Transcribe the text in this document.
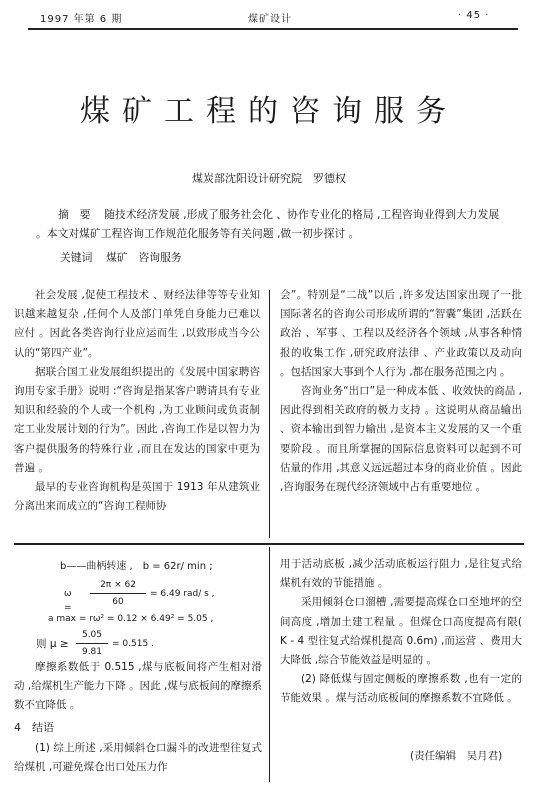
1997 年第 6 期	煤矿设计	· 45 ·
煤矿工程的咨询服务
煤炭部沈阳设计研究院　罗德权
摘　要 随技术经济发展 ,形成了服务社会化 、协作专业化的格局 ,工程咨询业得到大力发展 。本文对煤矿工程咨询工作规范化服务等有关问题 ,做一初步探讨 。
关键词 煤矿　咨询服务

社会发展 ,促使工程技术 、财经法律等等专业知识越来越复杂 ,任何个人及部门单凭自身能力已难以应付 。因此各类咨询行业应运而生 ,以致形成当今公认的“第四产业”。

据联合国工业发展组织提出的《发展中国家聘咨询用专家手册》说明 :“咨询是指某客户聘请具有专业知识和经验的个人或一个机构 ,为工业顾问或负责制定工业发展计划的行为”。因此 ,咨询工作是以智力为客户提供服务的特殊行业 ,而且在发达的国家中更为普遍 。

最早的专业咨询机构是英国于 1913 年从建筑业分离出来而成立的“咨询工程师协

会”。特别是“二战”以后 ,许多发达国家出现了一批国际著名的咨询公司形成所谓的“智囊”集团 ,活跃在政治 、军事 、工程以及经济各个领域 ,从事各种情报的收集工作 ,研究政府法律 、产业政策以及动向 。包括国家大事到个人行为 ,都在服务范围之内 。

咨询业务“出口”是一种成本低 、收效快的商品 ,因此得到相关政府的极力支持 。这说明从商品输出 、资本输出到智力输出 ,是资本主义发展的又一个重要阶段 。而且所掌握的国际信息资料可以起到不可估量的作用 ,其意义远远超过本身的商业价值 。因此 ,咨询服务在现代经济领域中占有重要地位 。

b——曲柄转速 ,　b = 62r/ min ;
ω =
2π × 62
60
= 6.49 rad/ s ,
a max = rω² = 0.12 × 6.49² = 5.05 ,
则 μ ≥
5.05
9.81
= 0.515 .

摩擦系数低于 0.515 ,煤与底板间将产生相对滑动 ,给煤机生产能力下降 。因此 ,煤与底板间的摩擦系数不宜降低 。

4　结语

(1) 综上所述 ,采用倾斜仓口漏斗的改进型往复式给煤机 ,可避免煤仓出口处压力作

用于活动底板 ,减少活动底板运行阻力 ,是往复式给煤机有效的节能措施 。

采用倾斜仓口溜槽 ,需要提高煤仓口至地坪的空间高度 ,增加土建工程量 。但煤仓口高度提高有限( K - 4 型往复式给煤机提高 0.6m) ,而运营 、费用大大降低 ,综合节能效益是明显的 。

(2) 降低煤与固定侧板的摩擦系数 ,也有一定的节能效果 。煤与活动底板间的摩擦系数不宜降低 。

(责任编辑　吴月君)
